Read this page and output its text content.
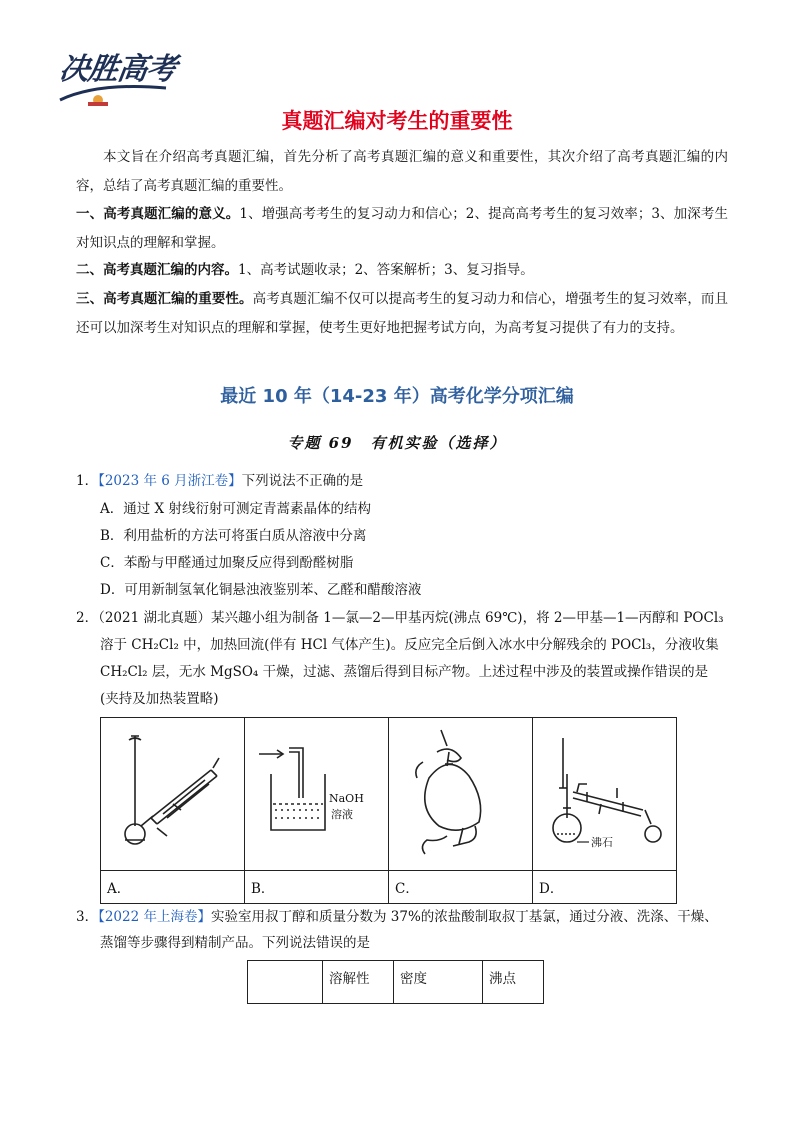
决胜高考
真题汇编对考生的重要性
本文旨在介绍高考真题汇编，首先分析了高考真题汇编的意义和重要性，其次介绍了高考真题汇编的内容，总结了高考真题汇编的重要性。
一、高考真题汇编的意义。1、增强高考考生的复习动力和信心；2、提高高考考生的复习效率；3、加深考生对知识点的理解和掌握。
二、高考真题汇编的内容。1、高考试题收录；2、答案解析；3、复习指导。
三、高考真题汇编的重要性。高考真题汇编不仅可以提高考生的复习动力和信心，增强考生的复习效率，而且还可以加深考生对知识点的理解和掌握，使考生更好地把握考试方向，为高考复习提供了有力的支持。
最近 10 年（14-23 年）高考化学分项汇编
专题 69　有机实验（选择）
1．【2023 年 6 月浙江卷】下列说法不正确的是
A．通过 X 射线衍射可测定青蒿素晶体的结构
B．利用盐析的方法可将蛋白质从溶液中分离
C．苯酚与甲醛通过加聚反应得到酚醛树脂
D．可用新制氢氧化铜悬浊液鉴别苯、乙醛和醋酸溶液
2．（2021 湖北真题）某兴趣小组为制备 1—氯—2—甲基丙烷(沸点 69℃)，将 2—甲基—1—丙醇和 POCl₃
溶于 CH₂Cl₂ 中，加热回流(伴有 HCl 气体产生)。反应完全后倒入冰水中分解残余的 POCl₃，分液收集
CH₂Cl₂ 层，无水 MgSO₄ 干燥，过滤、蒸馏后得到目标产物。上述过程中涉及的装置或操作错误的是
(夹持及加热装置略)

NaOH
溶液		沸石

A．	B．	C．	D．
3．【2022 年上海卷】实验室用叔丁醇和质量分数为 37%的浓盐酸制取叔丁基氯，通过分液、洗涤、干燥、
蒸馏等步骤得到精制产品。下列说法错误的是
	溶解性	密度	沸点
